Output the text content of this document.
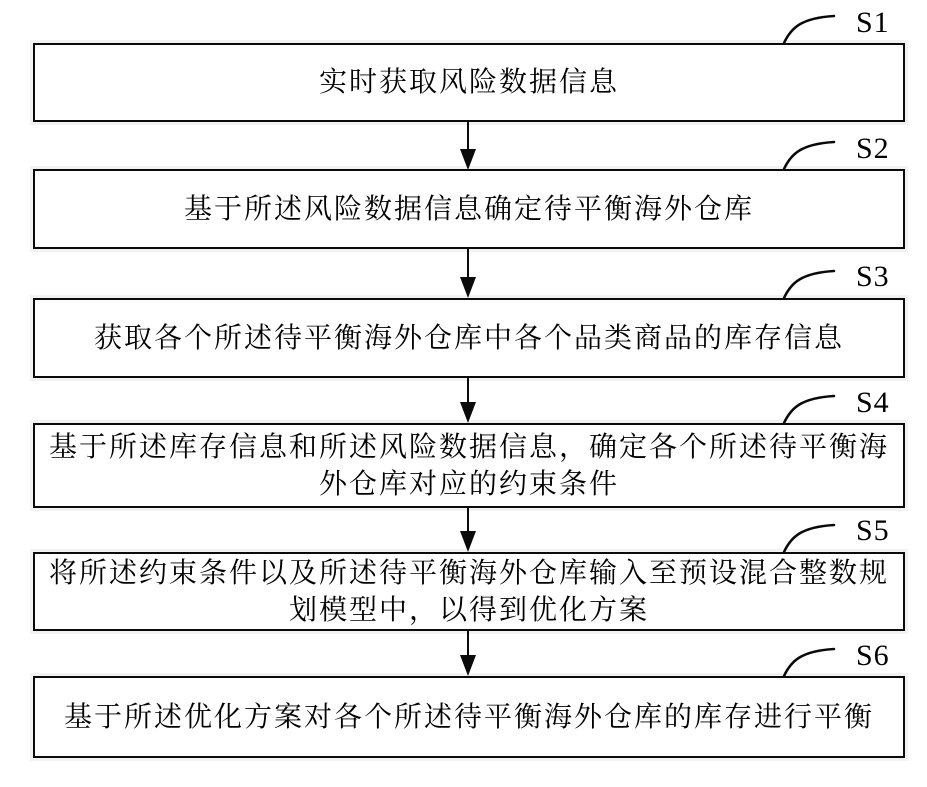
实时获取风险数据信息
S1
基于所述风险数据信息确定待平衡海外仓库
S2
获取各个所述待平衡海外仓库中各个品类商品的库存信息
S3
基于所述库存信息和所述风险数据信息，确定各个所述待平衡海
外仓库对应的约束条件
S4
将所述约束条件以及所述待平衡海外仓库输入至预设混合整数规
划模型中，以得到优化方案
S5
基于所述优化方案对各个所述待平衡海外仓库的库存进行平衡
S6
